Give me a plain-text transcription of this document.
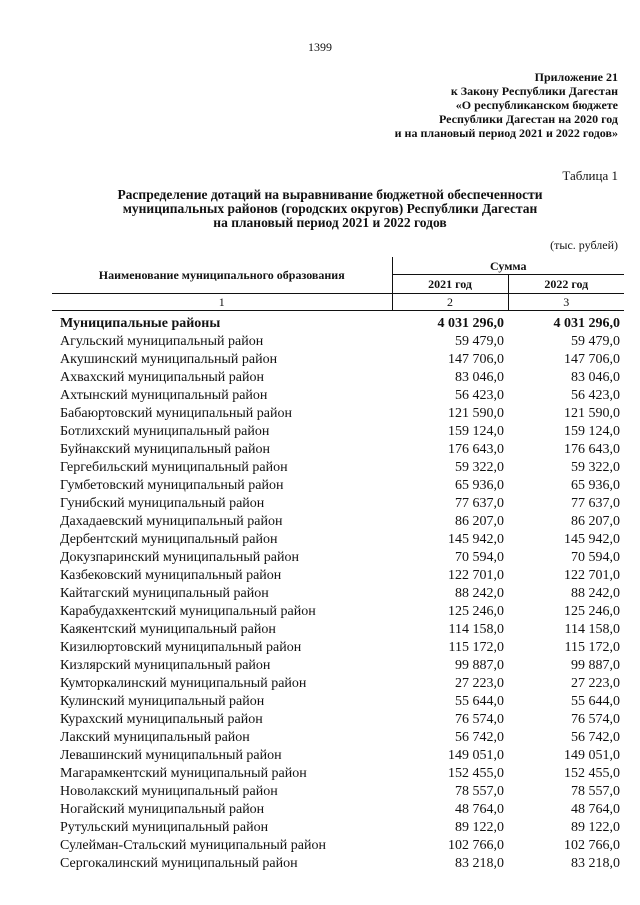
1399
Приложение 21
к Закону Республики Дагестан
«О республиканском бюджете
Республики Дагестан на 2020 год
и на плановый период 2021 и 2022 годов»
Таблица 1
Распределение дотаций на выравнивание бюджетной обеспеченности
муниципальных районов (городских округов) Республики Дагестан
на плановый период 2021 и 2022 годов
(тыс. рублей)
Наименование муниципального образования	Сумма	
	2021 год	2022 год
1	2	3
Муниципальные районы	4 031 296,0	4 031 296,0
Агульский муниципальный район	59 479,0	59 479,0
Акушинский муниципальный район	147 706,0	147 706,0
Ахвахский муниципальный район	83 046,0	83 046,0
Ахтынский муниципальный район	56 423,0	56 423,0
Бабаюртовский муниципальный район	121 590,0	121 590,0
Ботлихский муниципальный район	159 124,0	159 124,0
Буйнакский муниципальный район	176 643,0	176 643,0
Гергебильский муниципальный район	59 322,0	59 322,0
Гумбетовский муниципальный район	65 936,0	65 936,0
Гунибский муниципальный район	77 637,0	77 637,0
Дахадаевский муниципальный район	86 207,0	86 207,0
Дербентский муниципальный район	145 942,0	145 942,0
Докузпаринский муниципальный район	70 594,0	70 594,0
Казбековский муниципальный район	122 701,0	122 701,0
Кайтагский муниципальный район	88 242,0	88 242,0
Карабудахкентский муниципальный район	125 246,0	125 246,0
Каякентский муниципальный район	114 158,0	114 158,0
Кизилюртовский муниципальный район	115 172,0	115 172,0
Кизлярский муниципальный район	99 887,0	99 887,0
Кумторкалинский муниципальный район	27 223,0	27 223,0
Кулинский муниципальный район	55 644,0	55 644,0
Курахский муниципальный район	76 574,0	76 574,0
Лакский муниципальный район	56 742,0	56 742,0
Левашинский муниципальный район	149 051,0	149 051,0
Магарамкентский муниципальный район	152 455,0	152 455,0
Новолакский муниципальный район	78 557,0	78 557,0
Ногайский муниципальный район	48 764,0	48 764,0
Рутульский муниципальный район	89 122,0	89 122,0
Сулейман-Стальский муниципальный район	102 766,0	102 766,0
Сергокалинский муниципальный район	83 218,0	83 218,0
